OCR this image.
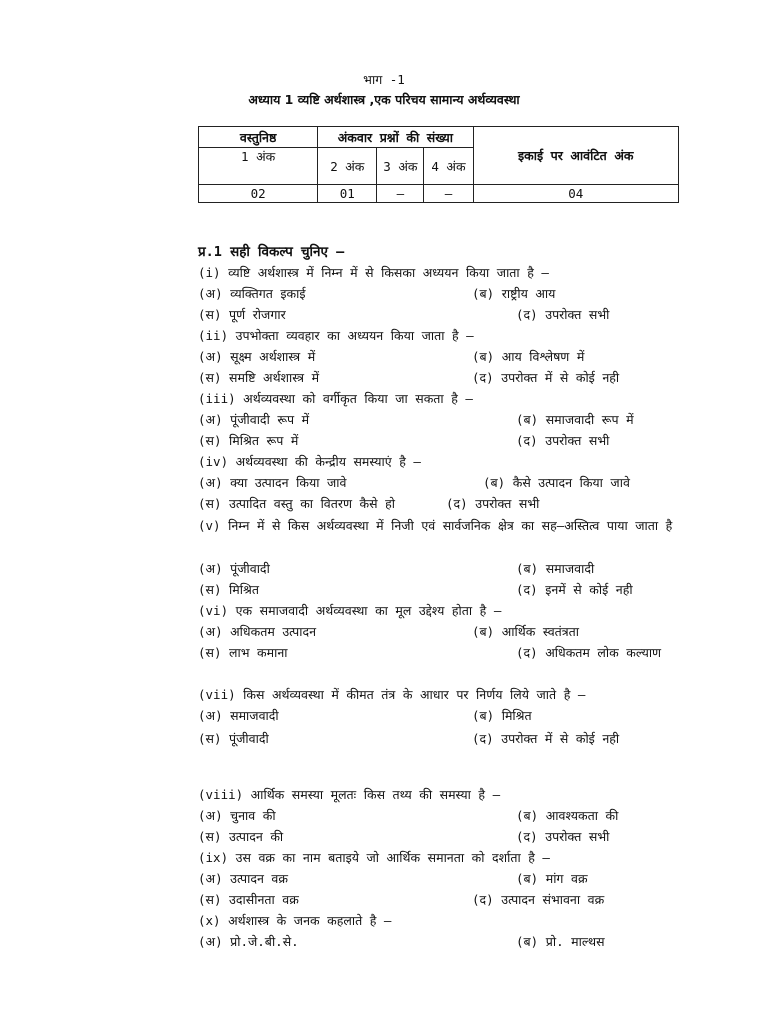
भाग -1
अध्याय 1 व्यष्टि अर्थशास्त्र ,एक परिचय सामान्य अर्थव्यवस्था
वस्तुनिष्ठ	अंकवार प्रश्नों की संख्या			इकाई पर आवंटित अंक
1 अंक	2 अंक	3 अंक	4 अंक	
02	01	–	–	04
प्र.1 सही विकल्प चुनिए –
(i) व्यष्टि अर्थशास्त्र में निम्न में से किसका अध्ययन किया जाता है –
(अ) व्यक्तिगत इकाई	(ब) राष्ट्रीय आय
(स) पूर्ण रोजगार	(द) उपरोक्त सभी
(ii) उपभोक्ता व्यवहार का अध्ययन किया जाता है –
(अ) सूक्ष्म अर्थशास्त्र में	(ब) आय विश्लेषण में
(स) समष्टि अर्थशास्त्र में	(द) उपरोक्त में से कोई नही
(iii) अर्थव्यवस्था को वर्गीकृत किया जा सकता है –
(अ) पूंजीवादी रूप में	(ब) समाजवादी रूप में
(स) मिश्रित रूप में	(द) उपरोक्त सभी
(iv) अर्थव्यवस्था की केन्द्रीय समस्याएं है –
(अ) क्या उत्पादन किया जावे	(ब) कैसे उत्पादन किया जावे
(स) उत्पादित वस्तु का वितरण कैसे हो	(द) उपरोक्त सभी
(v) निम्न में से किस अर्थव्यवस्था में निजी एवं सार्वजनिक क्षेत्र का सह–अस्तित्व पाया जाता है
(अ) पूंजीवादी	(ब) समाजवादी
(स) मिश्रित	(द) इनमें से कोई नही
(vi) एक समाजवादी अर्थव्यवस्था का मूल उद्देश्य होता है –
(अ) अधिकतम उत्पादन	(ब) आर्थिक स्वतंत्रता
(स) लाभ कमाना	(द) अधिकतम लोक कल्याण
(vii) किस अर्थव्यवस्था में कीमत तंत्र के आधार पर निर्णय लिये जाते है –
(अ) समाजवादी	(ब) मिश्रित
(स) पूंजीवादी	(द) उपरोक्त में से कोई नही
(viii) आर्थिक समस्या मूलतः किस तथ्य की समस्या है –
(अ) चुनाव की	(ब) आवश्यकता की
(स) उत्पादन की	(द) उपरोक्त सभी
(ix) उस वक्र का नाम बताइये जो आर्थिक समानता को दर्शाता है –
(अ) उत्पादन वक्र	(ब) मांग वक्र
(स) उदासीनता वक्र	(द) उत्पादन संभावना वक्र
(x) अर्थशास्त्र के जनक कहलाते है –
(अ) प्रो.जे.बी.से.	(ब) प्रो. माल्थस
